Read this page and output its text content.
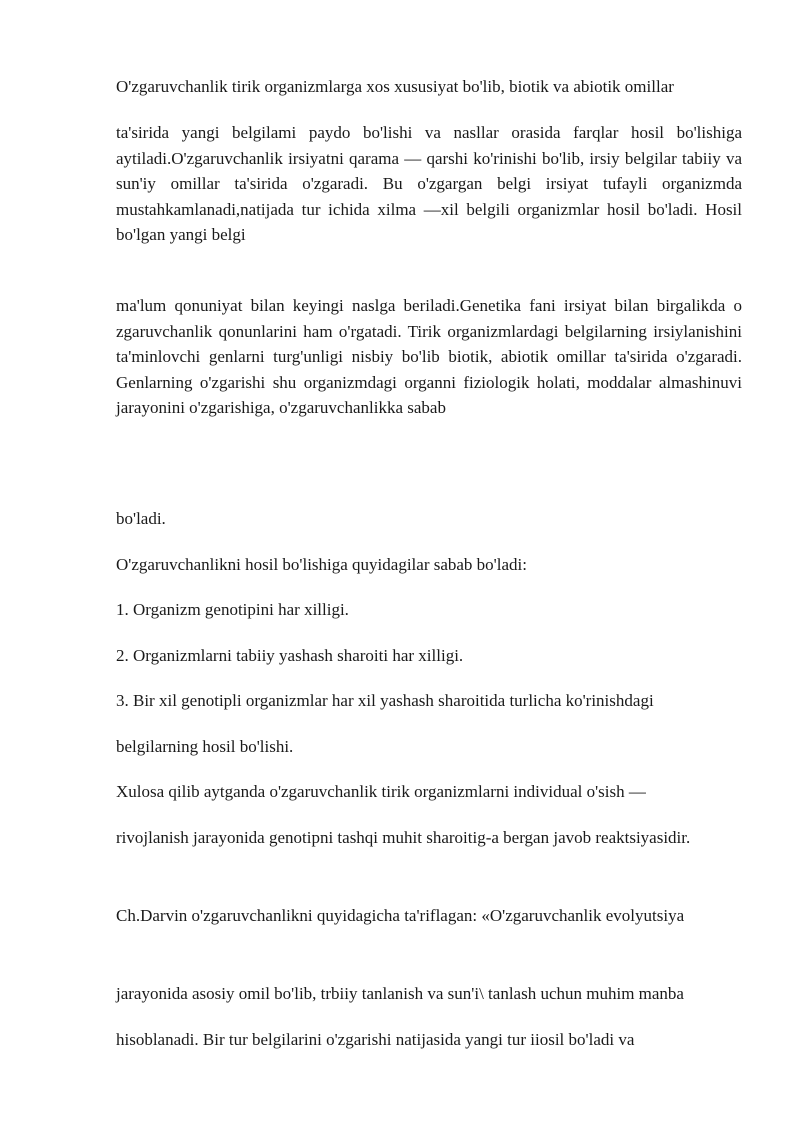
O'zgaruvchanlik tirik organizmlarga xos xususiyat bo'lib, biotik va abiotik omillar

ta'sirida yangi belgilami paydo bo'lishi va nasllar orasida farqlar hosil bo'lishiga aytiladi.O'zgaruvchanlik irsiyatni qarama — qarshi ko'rinishi bo'lib, irsiy belgilar tabiiy va sun'iy omillar ta'sirida o'zgaradi. Bu o'zgargan belgi irsiyat tufayli organizmda mustahkamlanadi,natijada tur ichida xilma —xil belgili organizmlar hosil bo'ladi. Hosil bo'lgan yangi belgi

ma'lum qonuniyat bilan keyingi naslga beriladi.Genetika fani irsiyat bilan birgalikda o zgaruvchanlik qonunlarini ham o'rgatadi. Tirik organizmlardagi belgilarning irsiylanishini ta'minlovchi genlarni turg'unligi nisbiy bo'lib biotik, abiotik omillar ta'sirida o'zgaradi. Genlarning o'zgarishi shu organizmdagi organni fiziologik holati, moddalar almashinuvi jarayonini o'zgarishiga, o'zgaruvchanlikka sabab

bo'ladi.

O'zgaruvchanlikni hosil bo'lishiga quyidagilar sabab bo'ladi:

1. Organizm genotipini har xilligi.

2. Organizmlarni tabiiy yashash sharoiti har xilligi.

3. Bir xil genotipli organizmlar har xil yashash sharoitida turlicha ko'rinishdagi

belgilarning hosil bo'lishi.

Xulosa qilib aytganda o'zgaruvchanlik tirik organizmlarni individual o'sish —

rivojlanish jarayonida genotipni tashqi muhit sharoitig-a bergan javob reaktsiyasidir.

Ch.Darvin o'zgaruvchanlikni quyidagicha ta'riflagan: «O'zgaruvchanlik evolyutsiya

jarayonida asosiy omil bo'lib, trbiiy tanlanish va sun'i\ tanlash uchun muhim manba

hisoblanadi. Bir tur belgilarini o'zgarishi natijasida yangi tur iiosil bo'ladi va
